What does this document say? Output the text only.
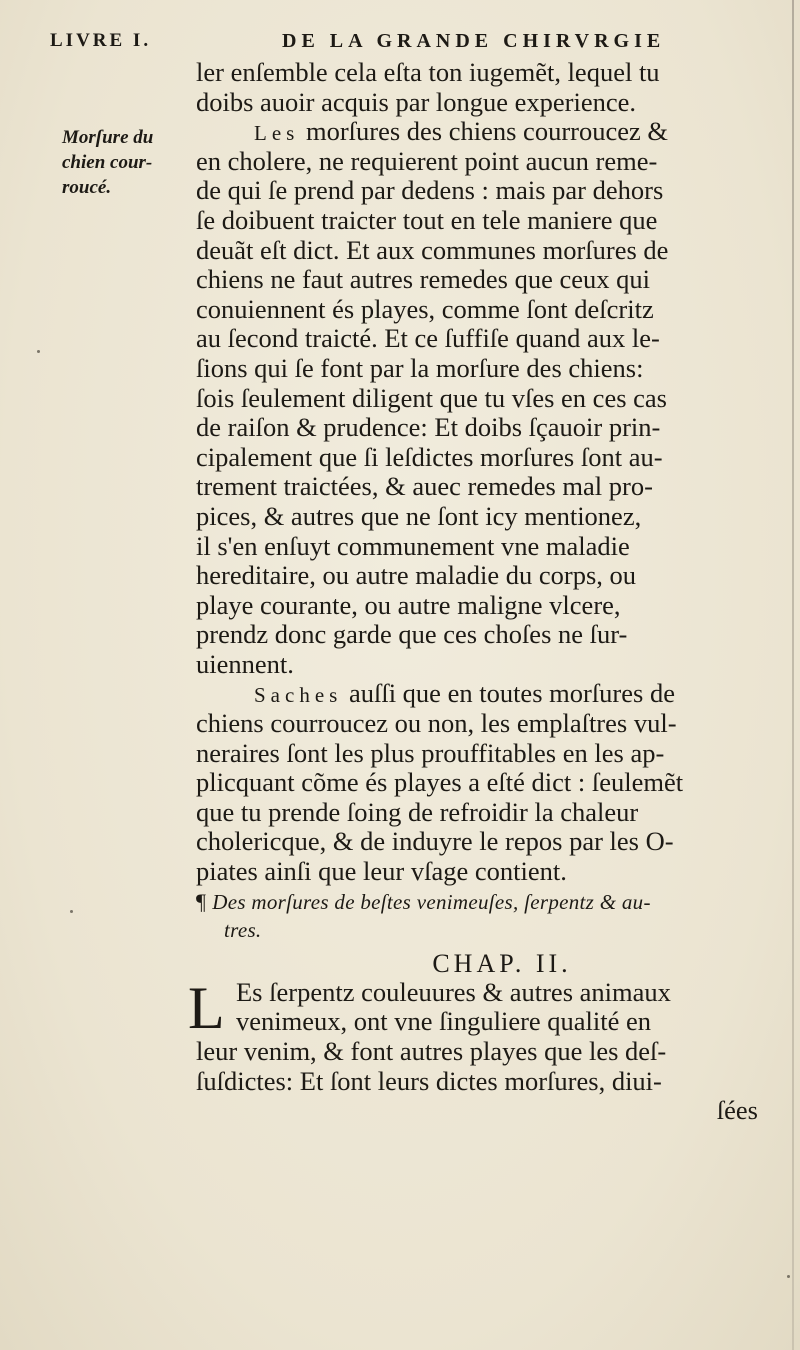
LIVRE I.	DE LA GRANDE CHIRVRGIE
Morſure du
chien cour-
roucé.
ler enſemble cela eſta ton iugemẽt, lequel tu
doibs auoir acquis par longue experience.
Les morſures des chiens courroucez &
en cholere, ne requierent point aucun reme-
de qui ſe prend par dedens : mais par dehors
ſe doibuent traicter tout en tele maniere que
deuãt eſt dict. Et aux communes morſures de
chiens ne faut autres remedes que ceux qui
conuiennent és playes, comme ſont deſcritz
au ſecond traicté. Et ce ſuffiſe quand aux le-
ſions qui ſe font par la morſure des chiens:
ſois ſeulement diligent que tu vſes en ces cas
de raiſon & prudence: Et doibs ſçauoir prin-
cipalement que ſi leſdictes morſures ſont au-
trement traictées, & auec remedes mal pro-
pices, & autres que ne ſont icy mentionez,
il s'en enſuyt communement vne maladie
hereditaire, ou autre maladie du corps, ou
playe courante, ou autre maligne vlcere,
prendz donc garde que ces choſes ne ſur-
uiennent.
Saches auſſi que en toutes morſures de
chiens courroucez ou non, les emplaſtres vul-
neraires ſont les plus prouffitables en les ap-
plicquant cõme és playes a eſté dict : ſeulemẽt
que tu prende ſoing de refroidir la chaleur
cholericque, & de induyre le repos par les O-
piates ainſi que leur vſage contient.
¶ Des morſures de beſtes venimeuſes, ſerpentz & au-
tres.
CHAP. II.
L Es ſerpentz couleuures & autres animaux
venimeux, ont vne ſinguliere qualité en
leur venim, & font autres playes que les deſ-
ſuſdictes: Et ſont leurs dictes morſures, diui-
ſées
